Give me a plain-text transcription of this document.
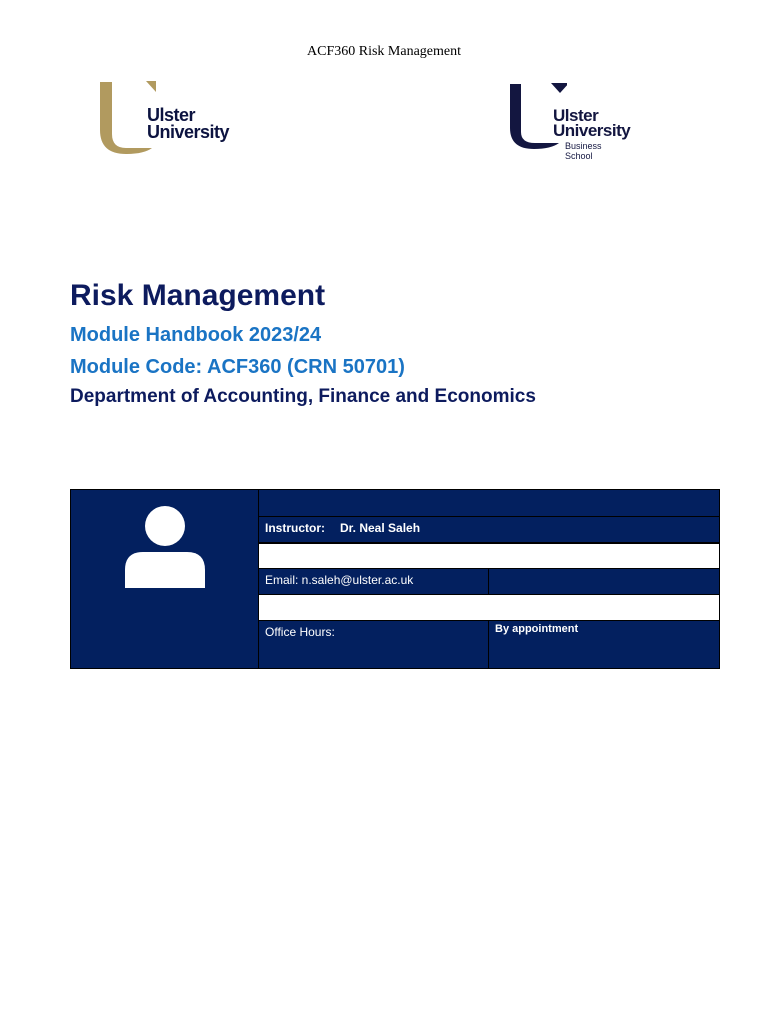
ACF360 Risk Management
Ulster
University
Ulster
University
Business
School
Risk Management
Module Handbook 2023/24
Module Code: ACF360 (CRN 50701)
Department of Accounting, Finance and Economics
Instructor: Dr. Neal Saleh
Email: n.saleh@ulster.ac.uk
Office Hours:	By appointment
